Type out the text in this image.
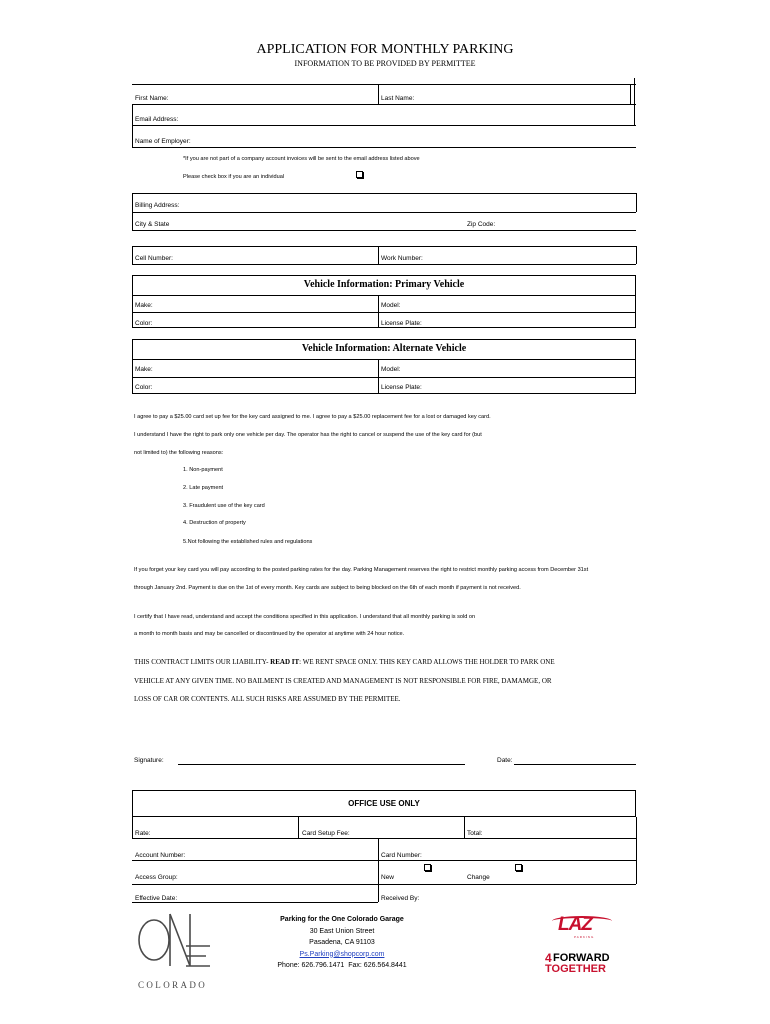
APPLICATION FOR MONTHLY PARKING
INFORMATION TO BE PROVIDED BY PERMITTEE
First Name:	Last Name:
Email Address:
Name of Employer:
*If you are not part of a company account invoices will be sent to the email address listed above
Please check box if you are an individual
Billing Address:
City & State	Zip Code:
Cell Number:	Work Number:
Vehicle Information: Primary Vehicle
Make:	Model:
Color:	License Plate:
Vehicle Information: Alternate Vehicle
Make:	Model:
Color:	License Plate:
I agree to pay a $25.00 card set up fee for the key card assigned to me. I agree to pay a $25.00 replacement fee for a lost or damaged key card.
I understand I have the right to park only one vehicle per day. The operator has the right to cancel or suspend the use of the key card for (but
not limited to) the following reasons:
1. Non-payment
2. Late payment
3. Fraudulent use of the key card
4. Destruction of property
5.Not following the established rules and regulations
If you forget your key card you will pay according to the posted parking rates for the day. Parking Management reserves the right to restrict monthly parking access from December 31st
through January 2nd. Payment is due on the 1st of every month. Key cards are subject to being blocked on the 6th of each month if payment is not received.
I certify that I have read, understand and accept the conditions specified in this application. I understand that all monthly parking is sold on
a month to month basis and may be cancelled or discontinued by the operator at anytime with 24 hour notice.
THIS CONTRACT LIMITS OUR LIABILITY- READ IT: WE RENT SPACE ONLY. THIS KEY CARD ALLOWS THE HOLDER TO PARK ONE
VEHICLE AT ANY GIVEN TIME. NO BAILMENT IS CREATED AND MANAGEMENT IS NOT RESPONSIBLE FOR FIRE, DAMAMGE, OR
LOSS OF CAR OR CONTENTS. ALL SUCH RISKS ARE ASSUMED BY THE PERMITEE.
Signature:	Date:
OFFICE USE ONLY
Rate:	Card Setup Fee:	Total:
Account Number:	Card Number:
Access Group:	New	Change
Effective Date:	Received By:
COLORADO
Parking for the One Colorado Garage
30 East Union Street
Pasadena, CA 91103
Ps.Parking@shopcorp.com
Phone: 626.796.1471 Fax: 626.564.8441
LAZ
PARKING
4 FORWARD
TOGETHER
